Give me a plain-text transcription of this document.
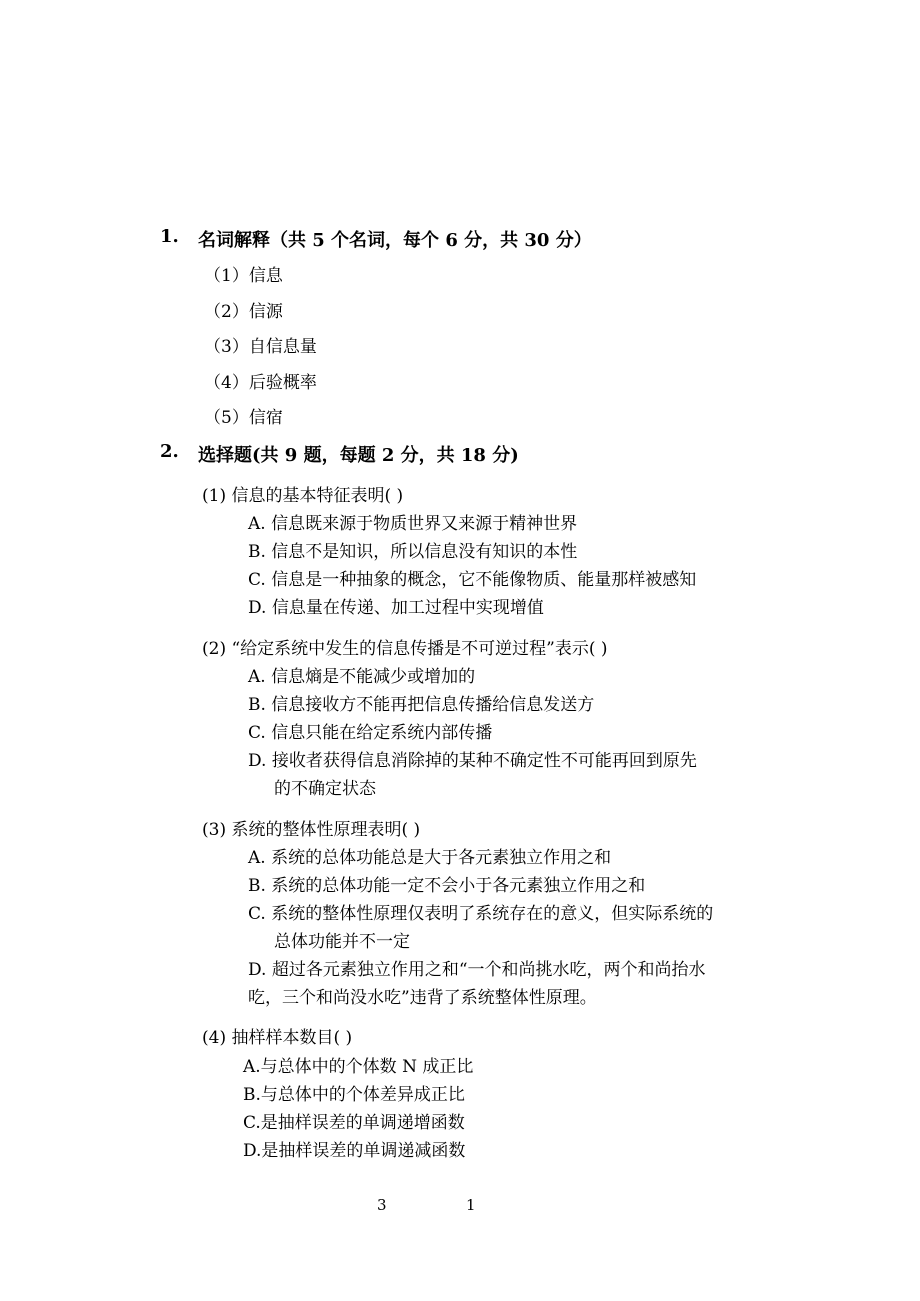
1. 名词解释（共 5 个名词，每个 6 分，共 30 分）
（1）信息
（2）信源
（3）自信息量
（4）后验概率
（5）信宿
2. 选择题(共 9 题，每题 2 分，共 18 分)
(1) 信息的基本特征表明( )
A. 信息既来源于物质世界又来源于精神世界
B. 信息不是知识，所以信息没有知识的本性
C. 信息是一种抽象的概念，它不能像物质、能量那样被感知
D. 信息量在传递、加工过程中实现增值
(2) “给定系统中发生的信息传播是不可逆过程”表示( )
A. 信息熵是不能减少或增加的
B. 信息接收方不能再把信息传播给信息发送方
C. 信息只能在给定系统内部传播
D. 接收者获得信息消除掉的某种不确定性不可能再回到原先
的不确定状态
(3) 系统的整体性原理表明( )
A. 系统的总体功能总是大于各元素独立作用之和
B. 系统的总体功能一定不会小于各元素独立作用之和
C. 系统的整体性原理仅表明了系统存在的意义，但实际系统的
总体功能并不一定
D. 超过各元素独立作用之和“一个和尚挑水吃，两个和尚抬水
吃，三个和尚没水吃”违背了系统整体性原理。
(4) 抽样样本数目( )
A.与总体中的个体数 N 成正比
B.与总体中的个体差异成正比
C.是抽样误差的单调递增函数
D.是抽样误差的单调递减函数
3	1
